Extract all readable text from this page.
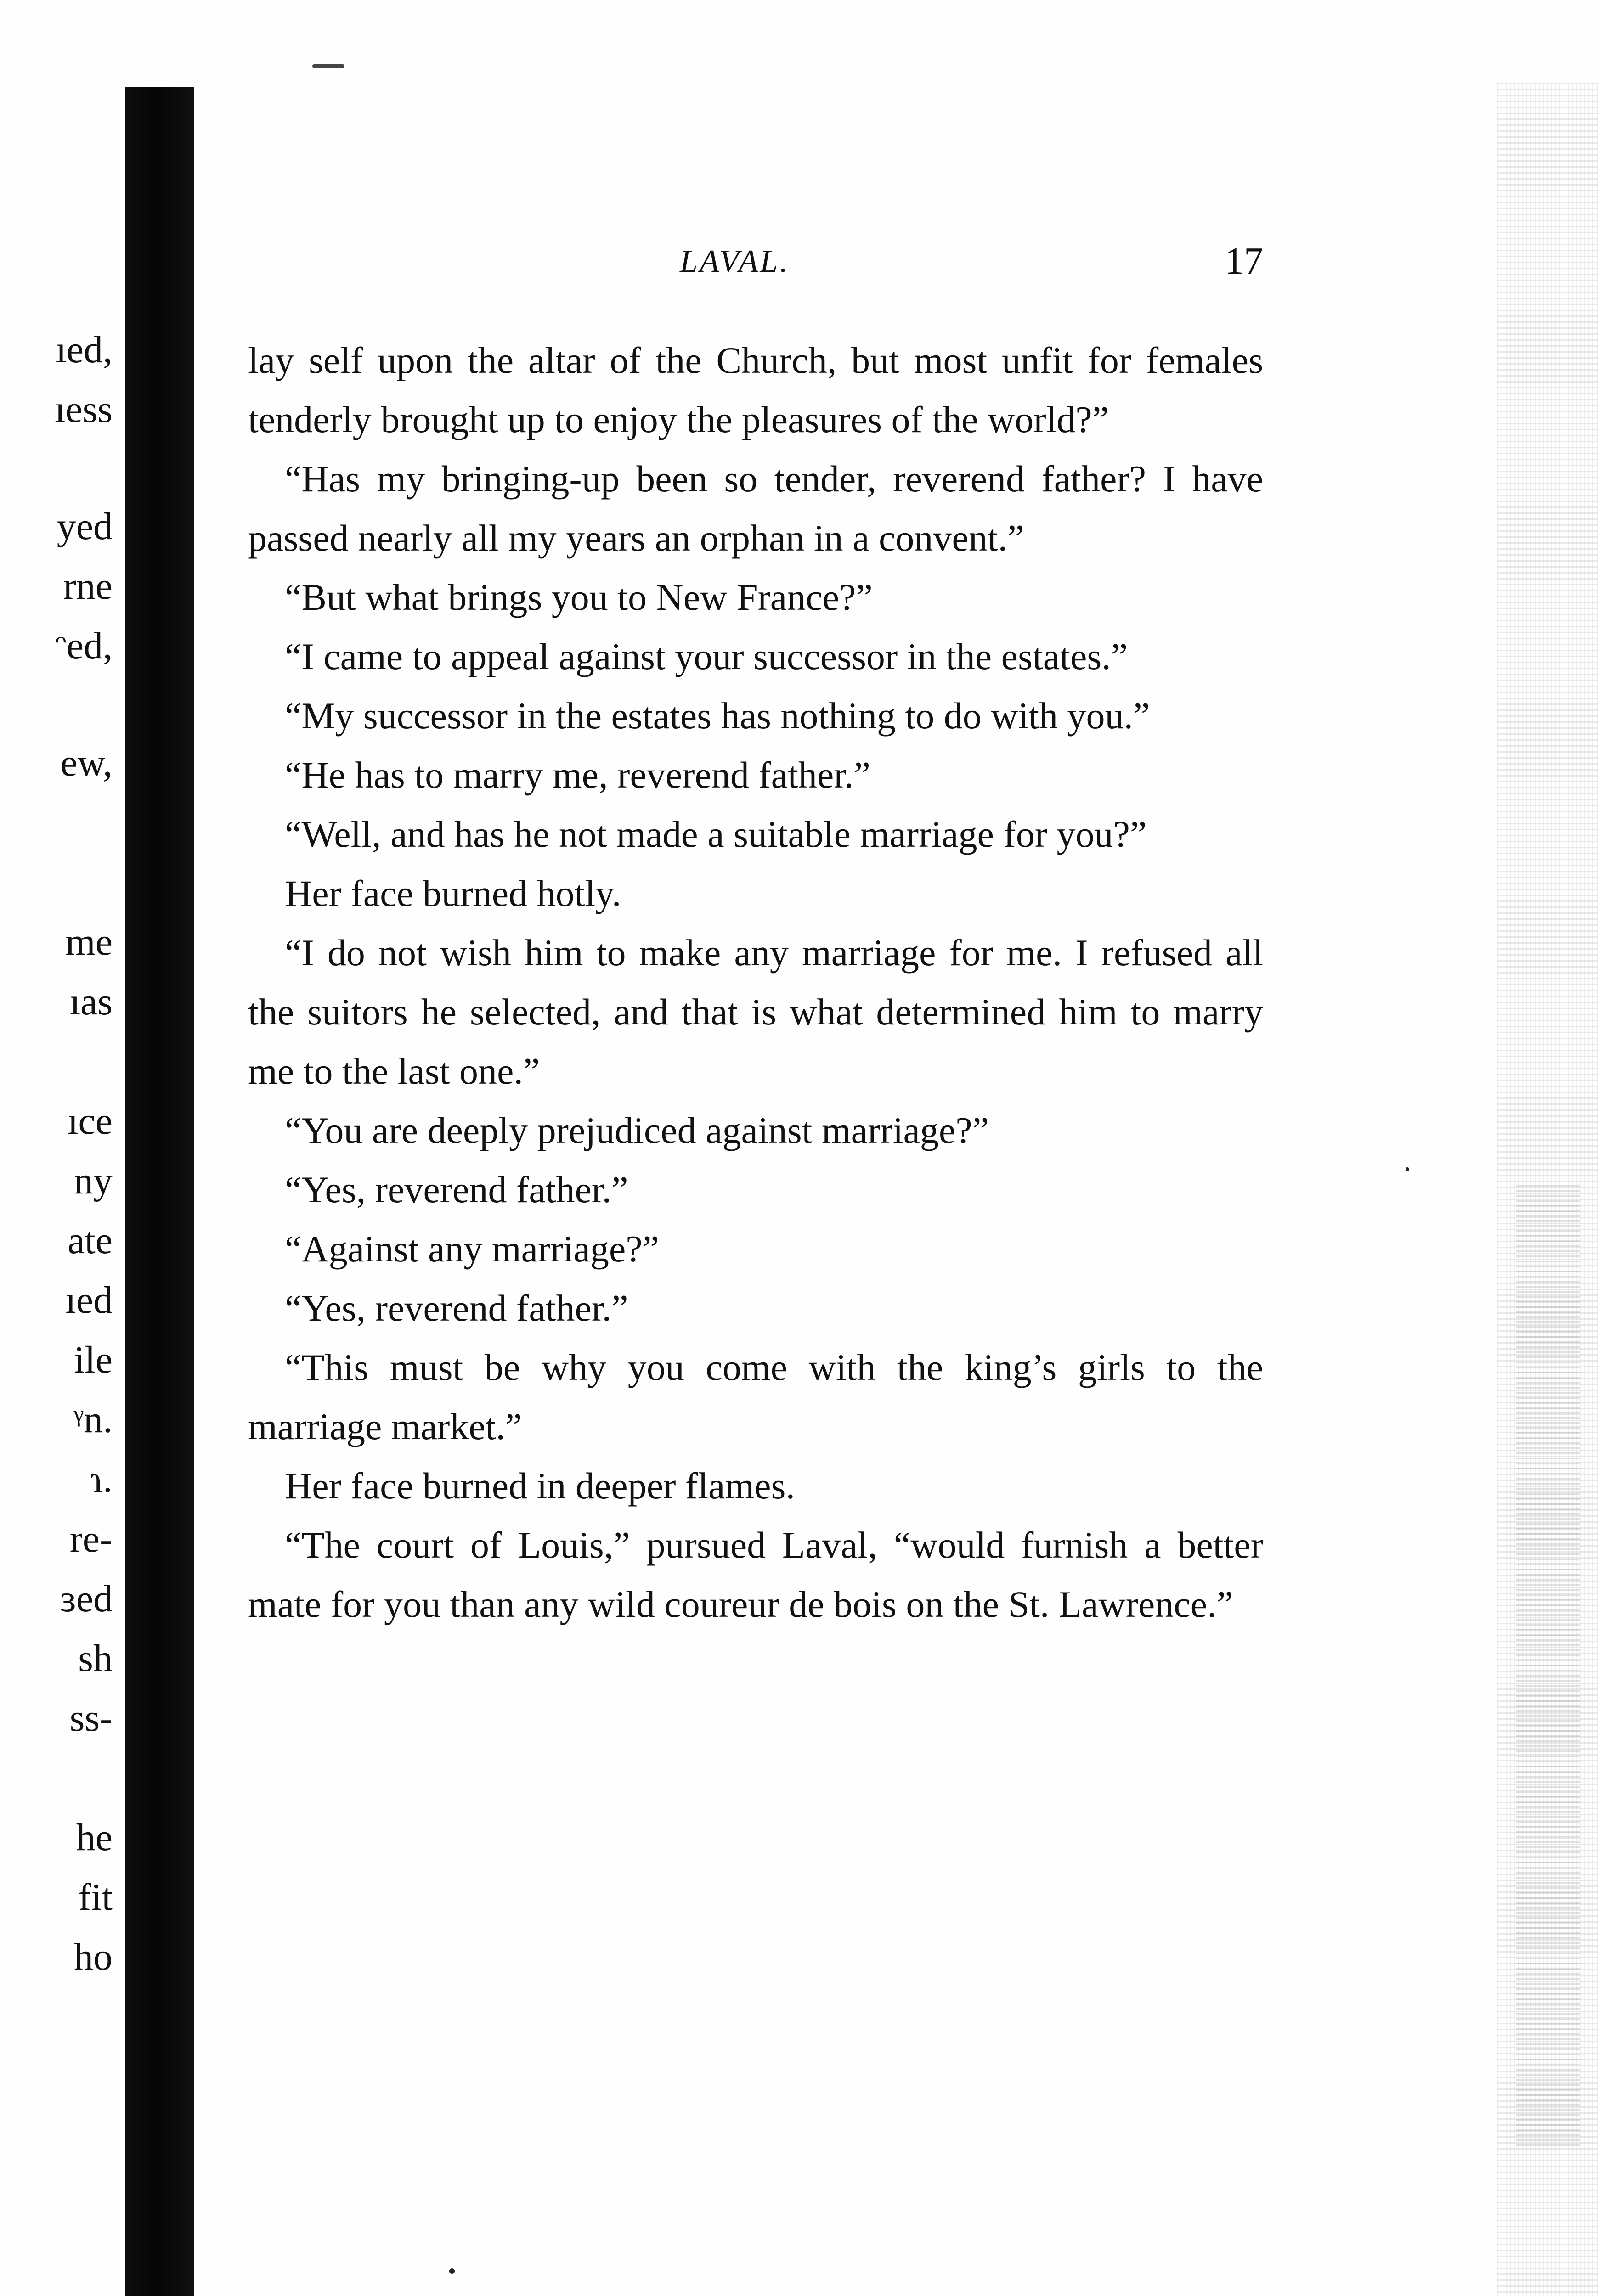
ıed,
ıess
yed
rne
ᵔed,
ew,
me
ıas
ıce
ny
ate
ıed
ile
ᵞn.
ɿ.
re-
ɜed
sh
ss-
he
fit
ho
LAVAL.	17

lay self upon the altar of the Church, but most unfit for females tenderly brought up to enjoy the pleasures of the world?”

“Has my bringing-up been so tender, reverend father? I have passed nearly all my years an orphan in a convent.”

“But what brings you to New France?”

“I came to appeal against your successor in the estates.”

“My successor in the estates has nothing to do with you.”

“He has to marry me, reverend father.”

“Well, and has he not made a suitable marriage for you?”

Her face burned hotly.

“I do not wish him to make any marriage for me. I refused all the suitors he selected, and that is what determined him to marry me to the last one.”

“You are deeply prejudiced against marriage?”

“Yes, reverend father.”

“Against any marriage?”

“Yes, reverend father.”

“This must be why you come with the king’s girls to the marriage market.”

Her face burned in deeper flames.

“The court of Louis,” pursued Laval, “would furnish a better mate for you than any wild coureur de bois on the St. Lawrence.”
